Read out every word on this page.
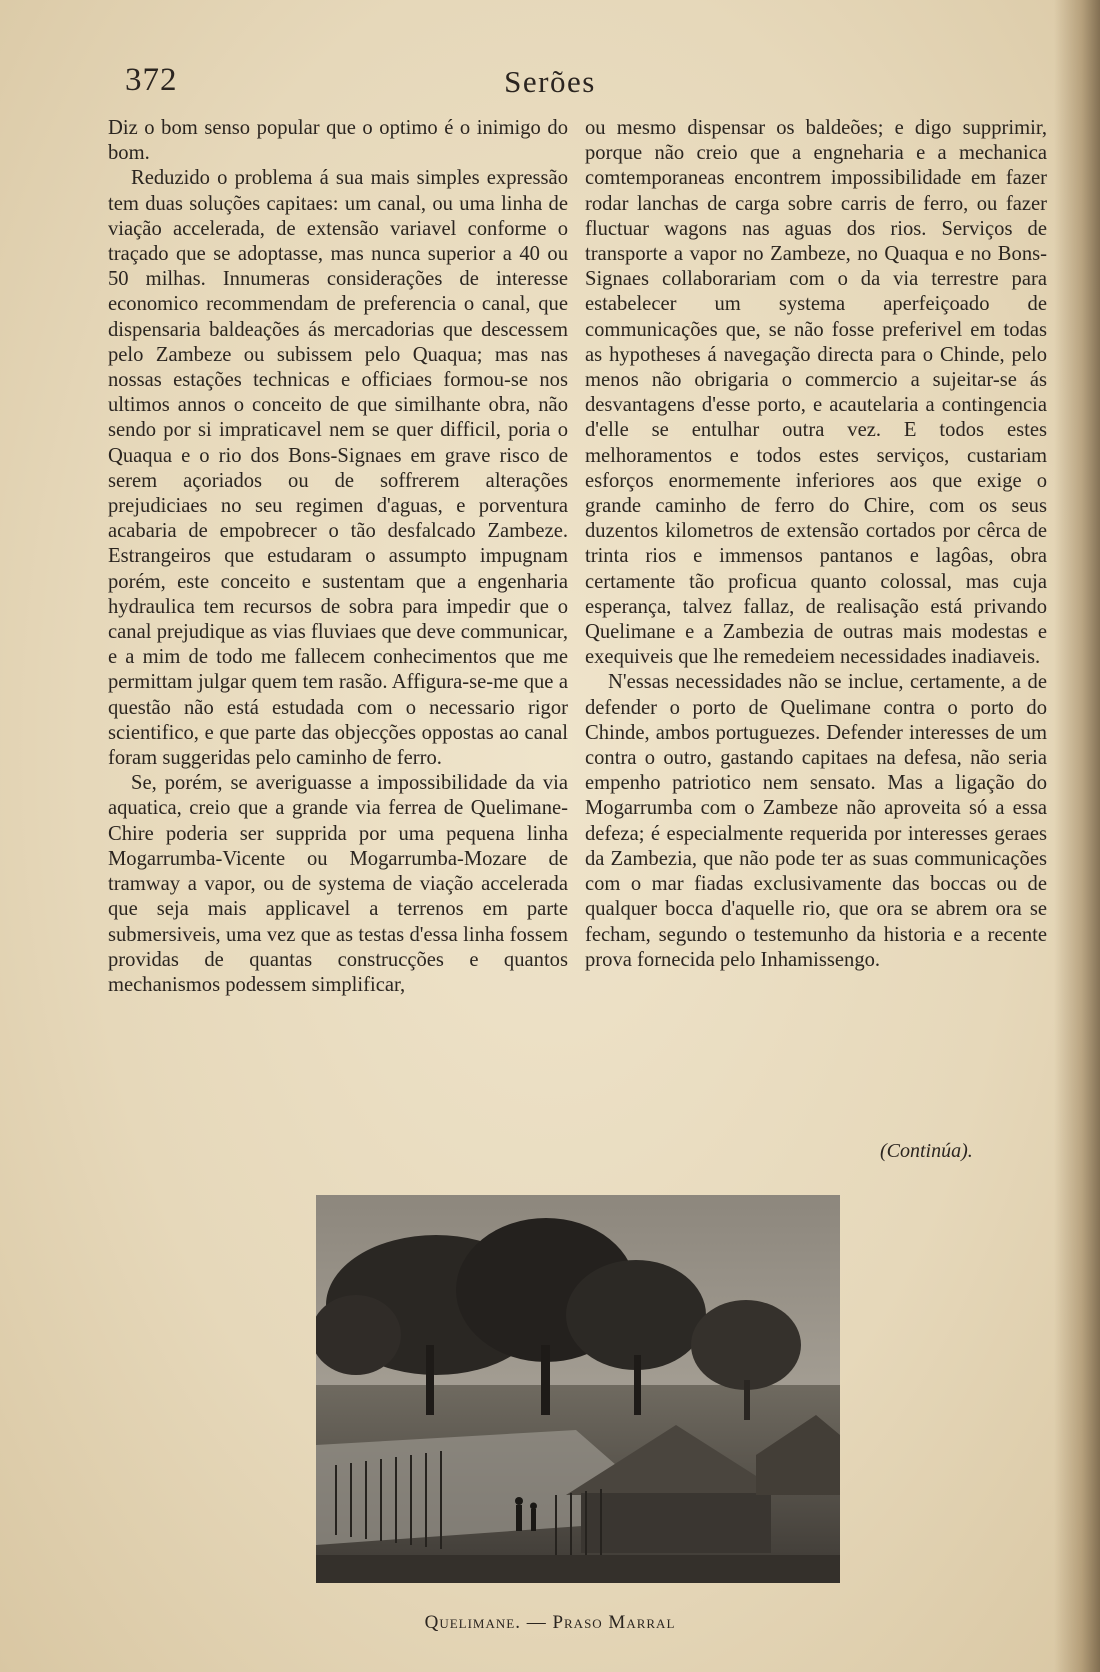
372	Serões

Diz o bom senso popular que o optimo é o inimigo do bom.

Reduzido o problema á sua mais simples expressão tem duas soluções capitaes: um canal, ou uma linha de viação accelerada, de extensão variavel conforme o traçado que se adoptasse, mas nunca superior a 40 ou 50 milhas. Innumeras considerações de interesse economico recommendam de preferencia o canal, que dispensaria baldeações ás mercadorias que descessem pelo Zambeze ou subissem pelo Quaqua; mas nas nossas estações technicas e officiaes formou-se nos ultimos annos o conceito de que similhante obra, não sendo por si impraticavel nem se quer difficil, poria o Quaqua e o rio dos Bons-Signaes em grave risco de serem açoriados ou de soffrerem alterações prejudiciaes no seu regimen d'aguas, e porventura acabaria de empobrecer o tão desfalcado Zambeze. Estrangeiros que estudaram o assumpto impugnam porém, este conceito e sustentam que a engenharia hydraulica tem recursos de sobra para impedir que o canal prejudique as vias fluviaes que deve communicar, e a mim de todo me fallecem conhecimentos que me permittam julgar quem tem rasão. Affigura-se-me que a questão não está estudada com o necessario rigor scientifico, e que parte das objecções oppostas ao canal foram suggeridas pelo caminho de ferro.

Se, porém, se averiguasse a impossibilidade da via aquatica, creio que a grande via ferrea de Quelimane-Chire poderia ser supprida por uma pequena linha Mogarrumba-Vicente ou Mogarrumba-Mozare de tramway a vapor, ou de systema de viação accelerada que seja mais applicavel a terrenos em parte submersiveis, uma vez que as testas d'essa linha fossem providas de quantas construcções e quantos mechanismos podessem simplificar,

ou mesmo dispensar os baldeões; e digo supprimir, porque não creio que a engneharia e a mechanica comtemporaneas encontrem impossibilidade em fazer rodar lanchas de carga sobre carris de ferro, ou fazer fluctuar wagons nas aguas dos rios. Serviços de transporte a vapor no Zambeze, no Quaqua e no Bons-Signaes collaborariam com o da via terrestre para estabelecer um systema aperfeiçoado de communicações que, se não fosse preferivel em todas as hypotheses á navegação directa para o Chinde, pelo menos não obrigaria o commercio a sujeitar-se ás desvantagens d'esse porto, e acautelaria a contingencia d'elle se entulhar outra vez. E todos estes melhoramentos e todos estes serviços, custariam esforços enormemente inferiores aos que exige o grande caminho de ferro do Chire, com os seus duzentos kilometros de extensão cortados por cêrca de trinta rios e immensos pantanos e lagôas, obra certamente tão proficua quanto colossal, mas cuja esperança, talvez fallaz, de realisação está privando Quelimane e a Zambezia de outras mais modestas e exequiveis que lhe remedeiem necessidades inadiaveis.

N'essas necessidades não se inclue, certamente, a de defender o porto de Quelimane contra o porto do Chinde, ambos portuguezes. Defender interesses de um contra o outro, gastando capitaes na defesa, não seria empenho patriotico nem sensato. Mas a ligação do Mogarrumba com o Zambeze não aproveita só a essa defeza; é especialmente requerida por interesses geraes da Zambezia, que não pode ter as suas communicações com o mar fiadas exclusivamente das boccas ou de qualquer bocca d'aquelle rio, que ora se abrem ora se fecham, segundo o testemunho da historia e a recente prova fornecida pelo Inhamissengo.

(Continúa).
Quelimane. — Praso Marral
